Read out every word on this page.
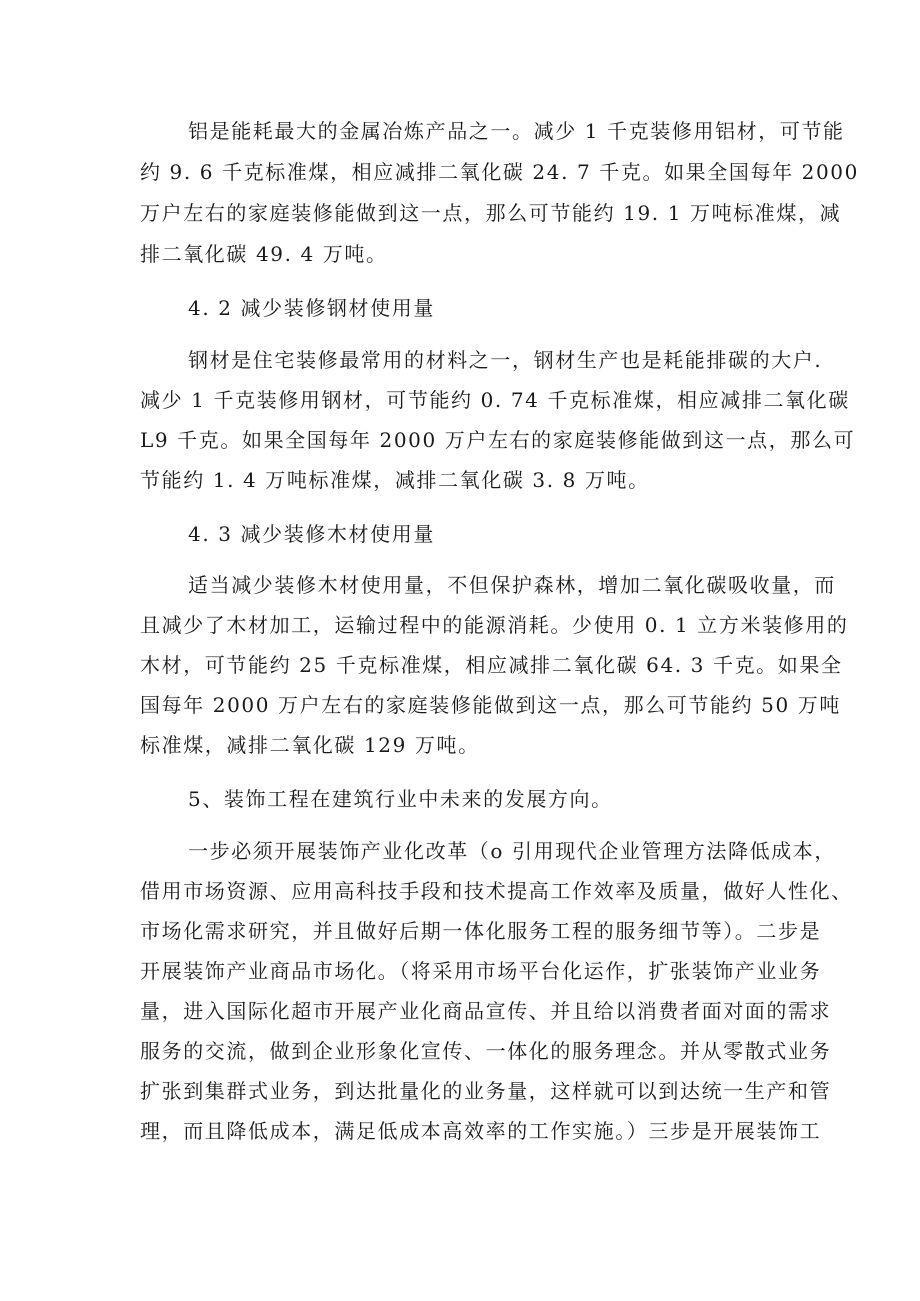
铝是能耗最大的金属冶炼产品之一。减少 1 千克装修用铝材，可节能
约 9. 6 千克标准煤，相应减排二氧化碳 24. 7 千克。如果全国每年 2000
万户左右的家庭装修能做到这一点，那么可节能约 19. 1 万吨标准煤，减
排二氧化碳 49. 4 万吨。
4. 2 减少装修钢材使用量
钢材是住宅装修最常用的材料之一，钢材生产也是耗能排碳的大户.
减少 1 千克装修用钢材，可节能约 0. 74 千克标准煤，相应减排二氧化碳
L9 千克。如果全国每年 2000 万户左右的家庭装修能做到这一点，那么可
节能约 1. 4 万吨标准煤，减排二氧化碳 3. 8 万吨。
4. 3 减少装修木材使用量
适当减少装修木材使用量，不但保护森林，增加二氧化碳吸收量，而
且减少了木材加工，运输过程中的能源消耗。少使用 0. 1 立方米装修用的
木材，可节能约 25 千克标准煤，相应减排二氧化碳 64. 3 千克。如果全
国每年 2000 万户左右的家庭装修能做到这一点，那么可节能约 50 万吨
标准煤，减排二氧化碳 129 万吨。
5、装饰工程在建筑行业中未来的发展方向。
一步必须开展装饰产业化改革（o 引用现代企业管理方法降低成本，
借用市场资源、应用高科技手段和技术提高工作效率及质量，做好人性化、
市场化需求研究，并且做好后期一体化服务工程的服务细节等）。二步是
开展装饰产业商品市场化。（将采用市场平台化运作，扩张装饰产业业务
量，进入国际化超市开展产业化商品宣传、并且给以消费者面对面的需求
服务的交流，做到企业形象化宣传、一体化的服务理念。并从零散式业务
扩张到集群式业务，到达批量化的业务量，这样就可以到达统一生产和管
理，而且降低成本，满足低成本高效率的工作实施。）三步是开展装饰工
